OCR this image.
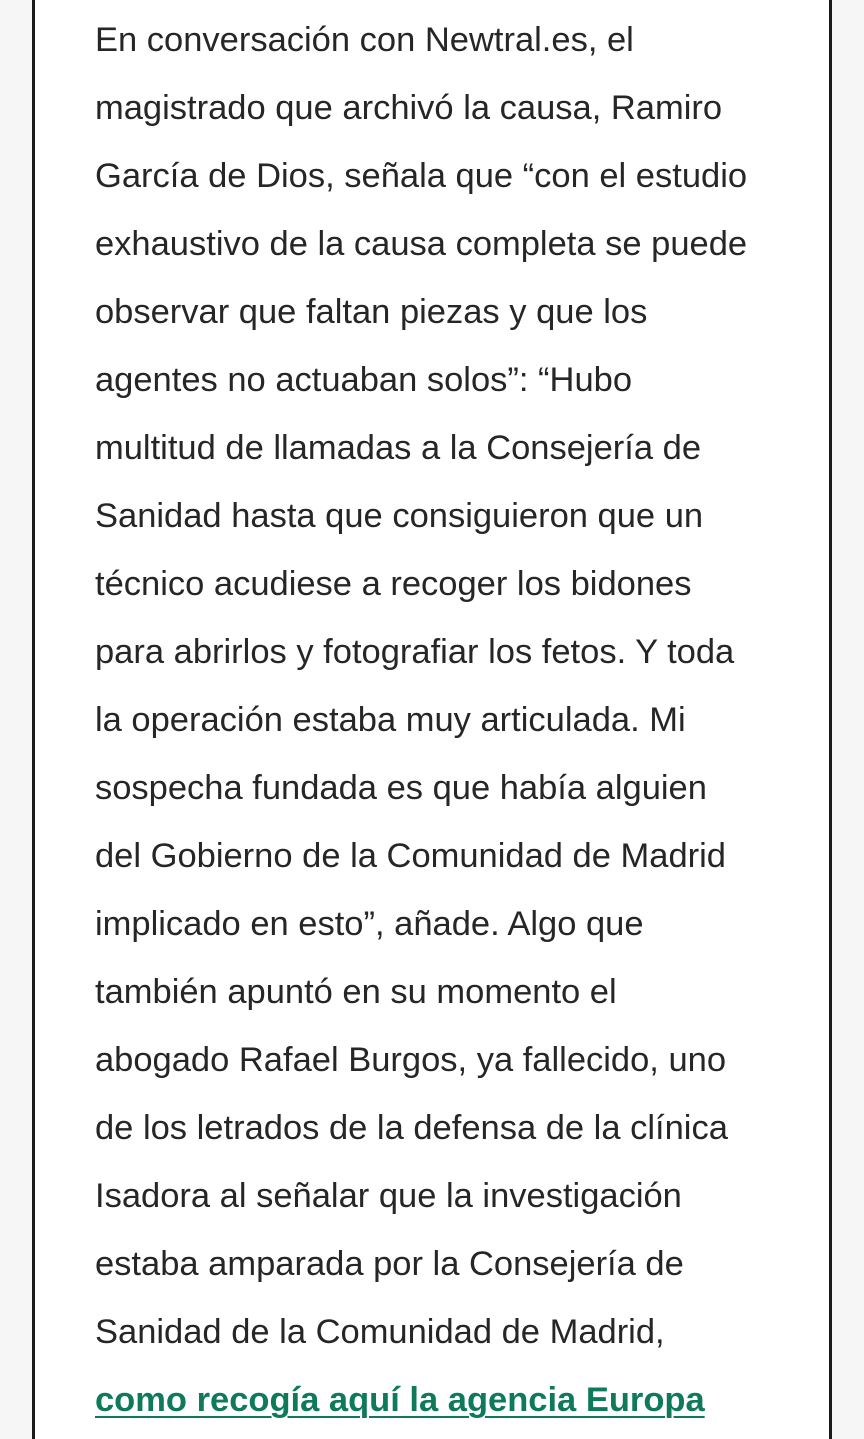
En conversación con Newtral.es, el
magistrado que archivó la causa, Ramiro
García de Dios, señala que “con el estudio
exhaustivo de la causa completa se puede
observar que faltan piezas y que los
agentes no actuaban solos”: “Hubo
multitud de llamadas a la Consejería de
Sanidad hasta que consiguieron que un
técnico acudiese a recoger los bidones
para abrirlos y fotografiar los fetos. Y toda
la operación estaba muy articulada. Mi
sospecha fundada es que había alguien
del Gobierno de la Comunidad de Madrid
implicado en esto”, añade. Algo que
también apuntó en su momento el
abogado Rafael Burgos, ya fallecido, uno
de los letrados de la defensa de la clínica
Isadora al señalar que la investigación
estaba amparada por la Consejería de
Sanidad de la Comunidad de Madrid,
como recogía aquí la agencia Europa
